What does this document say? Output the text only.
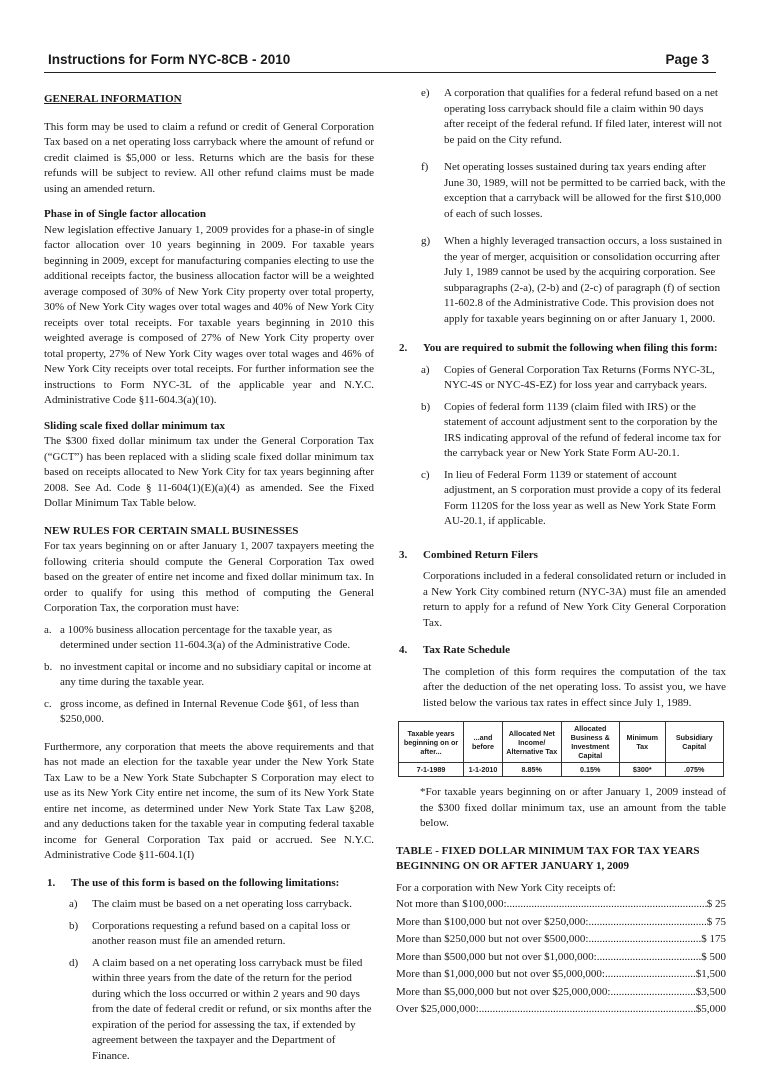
Instructions for Form NYC-8CB - 2010	Page 3

GENERAL INFORMATION

This form may be used to claim a refund or credit of General Corporation Tax based on a net operating loss carryback where the amount of refund or credit claimed is $5,000 or less. Returns which are the basis for these refunds will be subject to review. All other refund claims must be made using an amended return.

Phase in of Single factor allocation

New legislation effective January 1, 2009 provides for a phase-in of single factor allocation over 10 years beginning in 2009. For taxable years beginning in 2009, except for manufacturing companies electing to use the additional receipts factor, the business allocation factor will be a weighted average composed of 30% of New York City property over total property, 30% of New York City wages over total wages and 40% of New York City receipts over total receipts. For taxable years beginning in 2010 this weighted average is composed of 27% of New York City property over total property, 27% of New York City wages over total wages and 46% of New York City receipts over total receipts. For further information see the instructions to Form NYC-3L of the applicable year and N.Y.C. Administrative Code §11-604.3(a)(10).

Sliding scale fixed dollar minimum tax

The $300 fixed dollar minimum tax under the General Corporation Tax (“GCT”) has been replaced with a sliding scale fixed dollar minimum tax based on receipts allocated to New York City for tax years beginning after 2008. See Ad. Code § 11-604(1)(E)(a)(4) as amended. See the Fixed Dollar Minimum Tax Table below.

NEW RULES FOR CERTAIN SMALL BUSINESSES

For tax years beginning on or after January 1, 2007 taxpayers meeting the following criteria should compute the General Corporation Tax owed based on the greater of entire net income and fixed dollar minimum tax. In order to qualify for using this method of computing the General Corporation Tax, the corporation must have:

a. a 100% business allocation percentage for the taxable year, as determined under section 11-604.3(a) of the Administrative Code.
b. no investment capital or income and no subsidiary capital or income at any time during the taxable year.
c. gross income, as defined in Internal Revenue Code §61, of less than $250,000.

Furthermore, any corporation that meets the above requirements and that has not made an election for the taxable year under the New York State Tax Law to be a New York State Subchapter S Corporation may elect to use as its New York City entire net income, the sum of its New York State entire net income, as determined under New York State Tax Law §208, and any deductions taken for the taxable year in computing federal taxable income for General Corporation Tax paid or accrued. See N.Y.C. Administrative Code §11-604.1(I)

1. The use of this form is based on the following limitations:
a) The claim must be based on a net operating loss carryback.
b) Corporations requesting a refund based on a capital loss or another reason must file an amended return.
d) A claim based on a net operating loss carryback must be filed within three years from the date of the return for the period during which the loss occurred or within 2 years and 90 days from the date of federal credit or refund, or six months after the expiration of the period for assessing the tax, if extended by agreement between the taxpayer and the Department of Finance.
e) A corporation that qualifies for a federal refund based on a net operating loss carryback should file a claim within 90 days after receipt of the federal refund. If filed later, interest will not be paid on the City refund.
f) Net operating losses sustained during tax years ending after June 30, 1989, will not be permitted to be carried back, with the exception that a carryback will be allowed for the first $10,000 of each of such losses.
g) When a highly leveraged transaction occurs, a loss sustained in the year of merger, acquisition or consolidation occurring after July 1, 1989 cannot be used by the acquiring corporation. See subparagraphs (2-a), (2-b) and (2-c) of paragraph (f) of section 11-602.8 of the Administrative Code. This provision does not apply for taxable years beginning on or after January 1, 2000.
2. You are required to submit the following when filing this form:
a) Copies of General Corporation Tax Returns (Forms NYC-3L, NYC-4S or NYC-4S-EZ) for loss year and carryback years.
b) Copies of federal form 1139 (claim filed with IRS) or the statement of account adjustment sent to the corporation by the IRS indicating approval of the refund of federal income tax for the carryback year or New York State Form AU-20.1.
c) In lieu of Federal Form 1139 or statement of account adjustment, an S corporation must provide a copy of its federal Form 1120S for the loss year as well as New York State Form AU-20.1, if applicable.
3. Combined Return Filers

Corporations included in a federal consolidated return or included in a New York City combined return (NYC-3A) must file an amended return to apply for a refund of New York City General Corporation Tax.

4. Tax Rate Schedule

The completion of this form requires the computation of the tax after the deduction of the net operating loss. To assist you, we have listed below the various tax rates in effect since July 1, 1989.

Taxable years beginning on or after...	...and before	Allocated Net Income/ Alternative Tax	Allocated Business & Investment Capital	Minimum Tax	Subsidiary Capital
7-1-1989	1-1-2010	8.85%	0.15%	$300*	.075%

*For taxable years beginning on or after January 1, 2009 instead of the $300 fixed dollar minimum tax, use an amount from the table below.

TABLE - FIXED DOLLAR MINIMUM TAX FOR TAX YEARS BEGINNING ON OR AFTER JANUARY 1, 2009

For a corporation with New York City receipts of:

Not more than $100,000: .....	$ 25
More than $100,000 but not over $250,000: .....	$ 75
More than $250,000 but not over $500,000: .....	$ 175
More than $500,000 but not over $1,000,000: .....	$ 500
More than $1,000,000 but not over $5,000,000: .....	$1,500
More than $5,000,000 but not over $25,000,000: .....	$3,500
Over $25,000,000: .....	$5,000
